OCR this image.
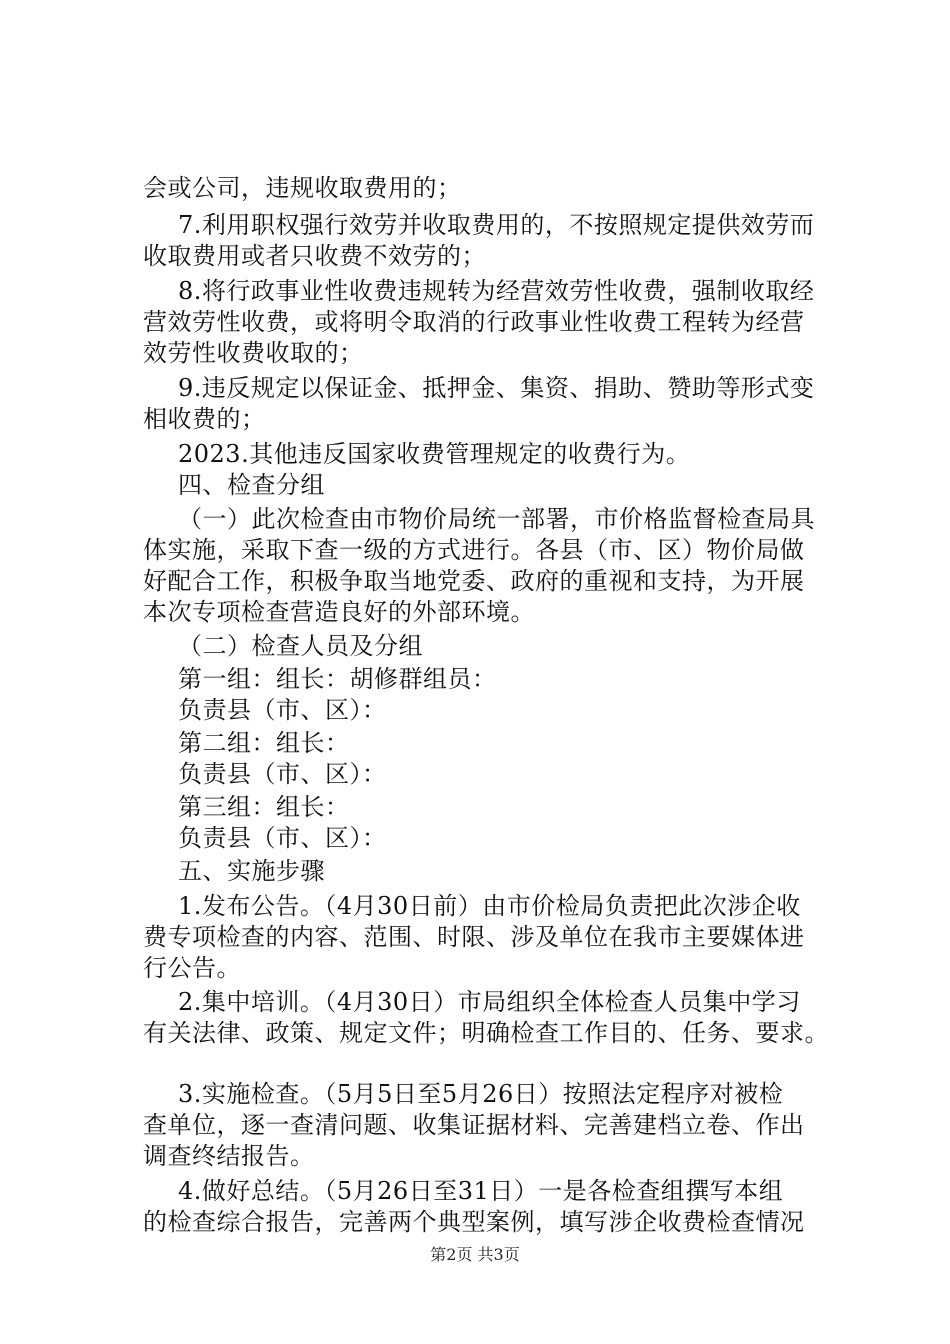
会或公司，违规收取费用的；
7.利用职权强行效劳并收取费用的，不按照规定提供效劳而
收取费用或者只收费不效劳的；
8.将行政事业性收费违规转为经营效劳性收费，强制收取经
营效劳性收费，或将明令取消的行政事业性收费工程转为经营
效劳性收费收取的；
9.违反规定以保证金、抵押金、集资、捐助、赞助等形式变
相收费的；
2023.其他违反国家收费管理规定的收费行为。
四、检查分组
（一）此次检查由市物价局统一部署，市价格监督检查局具
体实施，采取下查一级的方式进行。各县（市、区）物价局做
好配合工作，积极争取当地党委、政府的重视和支持，为开展
本次专项检查营造良好的外部环境。
（二）检查人员及分组
第一组：组长：胡修群组员：
负责县（市、区）：
第二组：组长：
负责县（市、区）：
第三组：组长：
负责县（市、区）：
五、实施步骤
1.发布公告。（4月30日前）由市价检局负责把此次涉企收
费专项检查的内容、范围、时限、涉及单位在我市主要媒体进
行公告。
2.集中培训。（4月30日）市局组织全体检查人员集中学习
有关法律、政策、规定文件；明确检查工作目的、任务、要求。
3.实施检查。（5月5日至5月26日）按照法定程序对被检
查单位，逐一查清问题、收集证据材料、完善建档立卷、作出
调查终结报告。
4.做好总结。（5月26日至31日）一是各检查组撰写本组
的检查综合报告，完善两个典型案例，填写涉企收费检查情况
第2页 共3页
